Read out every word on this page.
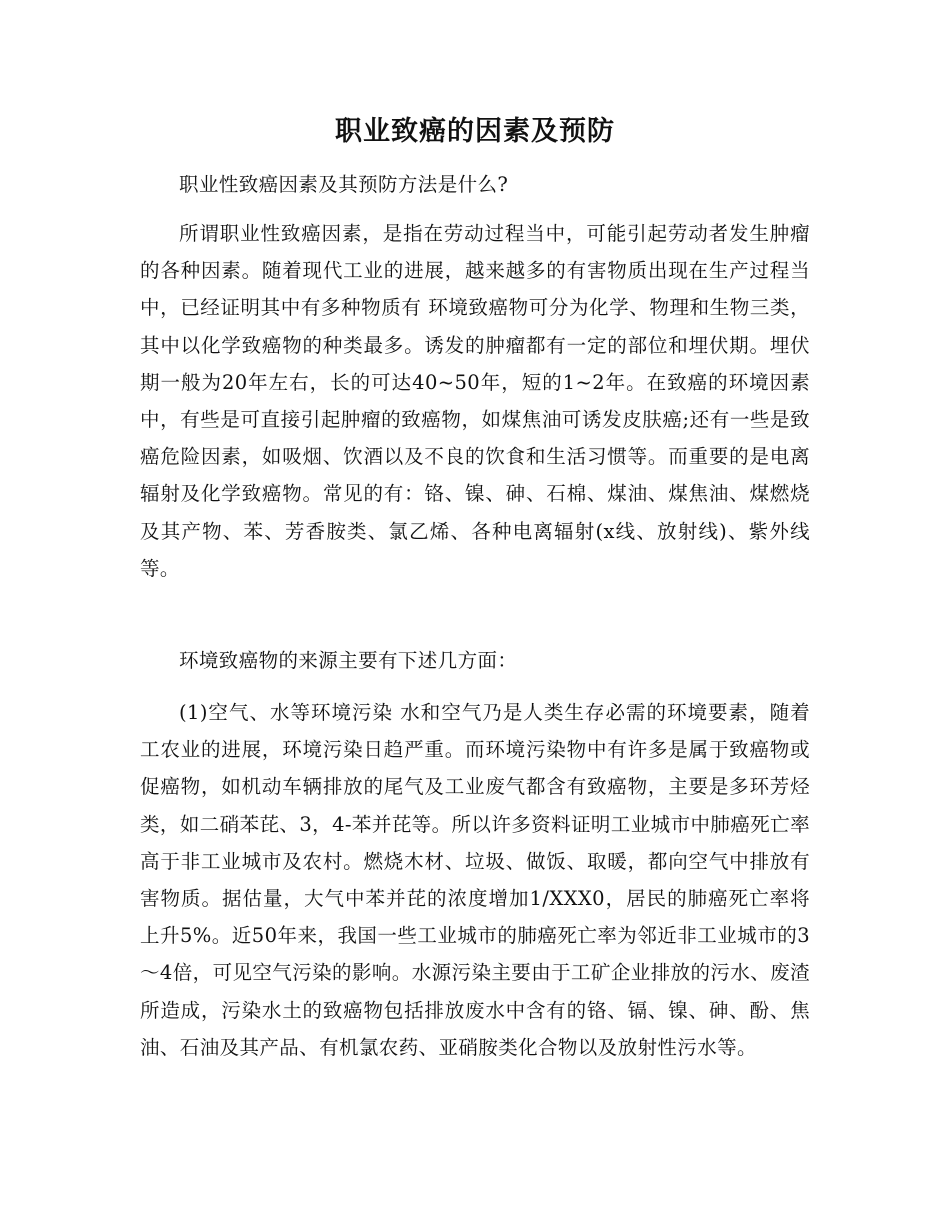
职业致癌的因素及预防

职业性致癌因素及其预防方法是什么?

所谓职业性致癌因素，是指在劳动过程当中，可能引起劳动者发生肿瘤的各种因素。随着现代工业的进展，越来越多的有害物质出现在生产过程当中，已经证明其中有多种物质有 环境致癌物可分为化学、物理和生物三类，其中以化学致癌物的种类最多。诱发的肿瘤都有一定的部位和埋伏期。埋伏期一般为20年左右，长的可达40~50年，短的1~2年。在致癌的环境因素中，有些是可直接引起肿瘤的致癌物，如煤焦油可诱发皮肤癌;还有一些是致癌危险因素，如吸烟、饮酒以及不良的饮食和生活习惯等。而重要的是电离辐射及化学致癌物。常见的有：铬、镍、砷、石棉、煤油、煤焦油、煤燃烧及其产物、苯、芳香胺类、氯乙烯、各种电离辐射(x线、放射线)、紫外线等。

环境致癌物的来源主要有下述几方面：

(1)空气、水等环境污染 水和空气乃是人类生存必需的环境要素，随着工农业的进展，环境污染日趋严重。而环境污染物中有许多是属于致癌物或促癌物，如机动车辆排放的尾气及工业废气都含有致癌物，主要是多环芳烃类，如二硝苯芘、3，4-苯并芘等。所以许多资料证明工业城市中肺癌死亡率高于非工业城市及农村。燃烧木材、垃圾、做饭、取暖，都向空气中排放有害物质。据估量，大气中苯并芘的浓度增加1/XXX0，居民的肺癌死亡率将上升5%。近50年来，我国一些工业城市的肺癌死亡率为邻近非工业城市的3～4倍，可见空气污染的影响。水源污染主要由于工矿企业排放的污水、废渣所造成，污染水土的致癌物包括排放废水中含有的铬、镉、镍、砷、酚、焦油、石油及其产品、有机氯农药、亚硝胺类化合物以及放射性污水等。
